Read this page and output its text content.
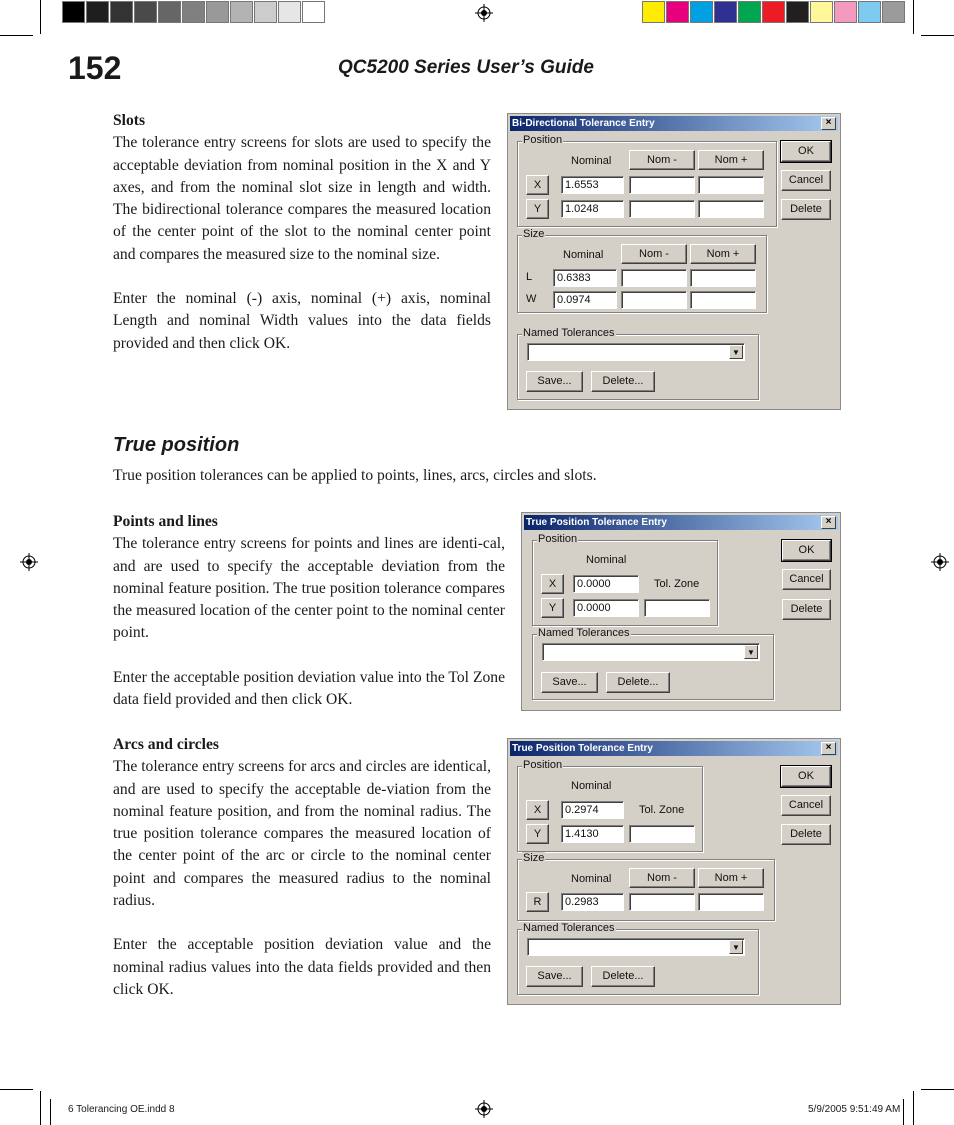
152	QC5200 Series User’s Guide

Slots

The tolerance entry screens for slots are used to specify the acceptable deviation from nominal position in the X and Y axes, and from the nominal slot size in length and width. The bidirectional tolerance compares the measured location of the center point of the slot to the nominal center point and compares the measured size to the nominal size.

Enter the nominal (-) axis, nominal (+) axis, nominal Length and nominal Width values into the data fields provided and then click OK.

Bi-Directional Tolerance Entry	×
Position
Nominal	Nom -	Nom +
X	1.6553
Y	1.0248
Size
Nominal	Nom -	Nom +
L	0.6383
W	0.0974
Named Tolerances
▼
Save...	Delete...
OK
Cancel
Delete
True position
True position tolerances can be applied to points, lines, arcs, circles and slots.

Points and lines

The tolerance entry screens for points and lines are identi-cal, and are used to specify the acceptable deviation from the nominal feature position. The true position tolerance compares the measured location of the center point to the nominal center point.

Enter the acceptable position deviation value into the Tol Zone data field provided and then click OK.

True Position Tolerance Entry	×
Position
Nominal
X	0.0000	Tol. Zone
Y	0.0000
Named Tolerances
▼
Save...	Delete...
OK
Cancel
Delete

Arcs and circles

The tolerance entry screens for arcs and circles are identical, and are used to specify the acceptable de-viation from the nominal feature position, and from the nominal radius. The true position tolerance compares the measured location of the center point of the arc or circle to the nominal center point and compares the measured radius to the nominal radius.

Enter the acceptable position deviation value and the nominal radius values into the data fields provided and then click OK.

True Position Tolerance Entry	×
Position
Nominal
X	0.2974	Tol. Zone
Y	1.4130
Size
Nominal	Nom -	Nom +
R	0.2983
Named Tolerances
▼
Save...	Delete...
OK
Cancel
Delete
6 Tolerancing OE.indd 8	5/9/2005 9:51:49 AM
